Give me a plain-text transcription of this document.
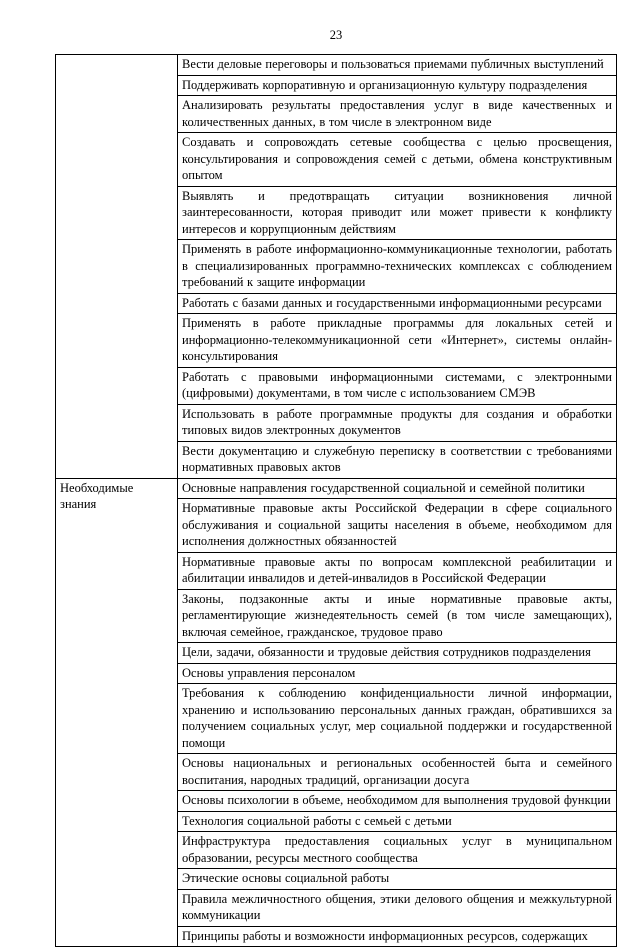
23
	Вести деловые переговоры и пользоваться приемами публичных выступлений
	Поддерживать корпоративную и организационную культуру подразделения
	Анализировать результаты предоставления услуг в виде качественных и количественных данных, в том числе в электронном виде
	Создавать и сопровождать сетевые сообщества с целью просвещения, консультирования и сопровождения семей с детьми, обмена конструктивным опытом
	Выявлять и предотвращать ситуации возникновения личной заинтересованности, которая приводит или может привести к конфликту интересов и коррупционным действиям
	Применять в работе информационно-коммуникационные технологии, работать в специализированных программно-технических комплексах с соблюдением требований к защите информации
	Работать с базами данных и государственными информационными ресурсами
	Применять в работе прикладные программы для локальных сетей и информационно-телекоммуникационной сети «Интернет», системы онлайн-консультирования
	Работать с правовыми информационными системами, с электронными (цифровыми) документами, в том числе с использованием СМЭВ
	Использовать в работе программные продукты для создания и обработки типовых видов электронных документов
	Вести документацию и служебную переписку в соответствии с требованиями нормативных правовых актов
Необходимые знания	Основные направления государственной социальной и семейной политики
	Нормативные правовые акты Российской Федерации в сфере социального обслуживания и социальной защиты населения в объеме, необходимом для исполнения должностных обязанностей
	Нормативные правовые акты по вопросам комплексной реабилитации и абилитации инвалидов и детей-инвалидов в Российской Федерации
	Законы, подзаконные акты и иные нормативные правовые акты, регламентирующие жизнедеятельность семей (в том числе замещающих), включая семейное, гражданское, трудовое право
	Цели, задачи, обязанности и трудовые действия сотрудников подразделения
	Основы управления персоналом
	Требования к соблюдению конфиденциальности личной информации, хранению и использованию персональных данных граждан, обратившихся за получением социальных услуг, мер социальной поддержки и государственной помощи
	Основы национальных и региональных особенностей быта и семейного воспитания, народных традиций, организации досуга
	Основы психологии в объеме, необходимом для выполнения трудовой функции
	Технология социальной работы с семьей с детьми
	Инфраструктура предоставления социальных услуг в муниципальном образовании, ресурсы местного сообщества
	Этические основы социальной работы
	Правила межличностного общения, этики делового общения и межкультурной коммуникации
	Принципы работы и возможности информационных ресурсов, содержащих
